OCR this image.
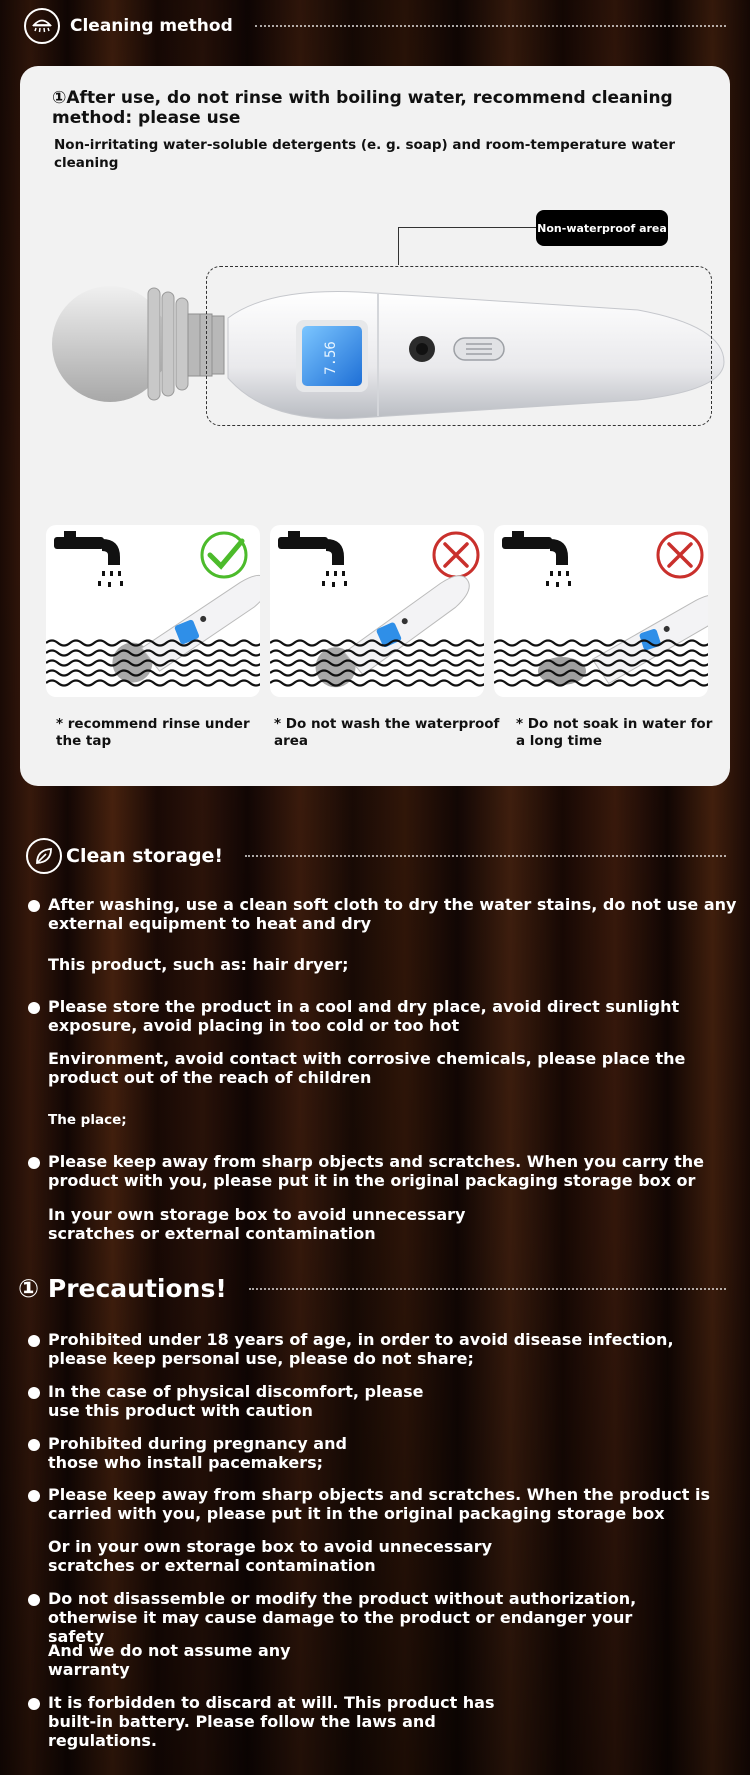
Cleaning method
①After use, do not rinse with boiling water, recommend cleaning method: please use
Non-irritating water-soluble detergents (e. g. soap) and room-temperature water cleaning
Non-waterproof area
7.56
* recommend rinse under the tap
* Do not wash the waterproof area
* Do not soak in water for a long time
Clean storage!
After washing, use a clean soft cloth to dry the water stains, do not use any external equipment to heat and dry
This product, such as: hair dryer;
Please store the product in a cool and dry place, avoid direct sunlight exposure, avoid placing in too cold or too hot
Environment, avoid contact with corrosive chemicals, please place the product out of the reach of children
The place;
Please keep away from sharp objects and scratches. When you carry the product with you, please put it in the original packaging storage box or
In your own storage box to avoid unnecessary scratches or external contamination
① Precautions!
Prohibited under 18 years of age, in order to avoid disease infection, please keep personal use, please do not share;
In the case of physical discomfort, please use this product with caution
Prohibited during pregnancy and those who install pacemakers;
Please keep away from sharp objects and scratches. When the product is carried with you, please put it in the original packaging storage box
Or in your own storage box to avoid unnecessary scratches or external contamination
Do not disassemble or modify the product without authorization, otherwise it may cause damage to the product or endanger your safety
And we do not assume any warranty
It is forbidden to discard at will. This product has built-in battery. Please follow the laws and regulations.
